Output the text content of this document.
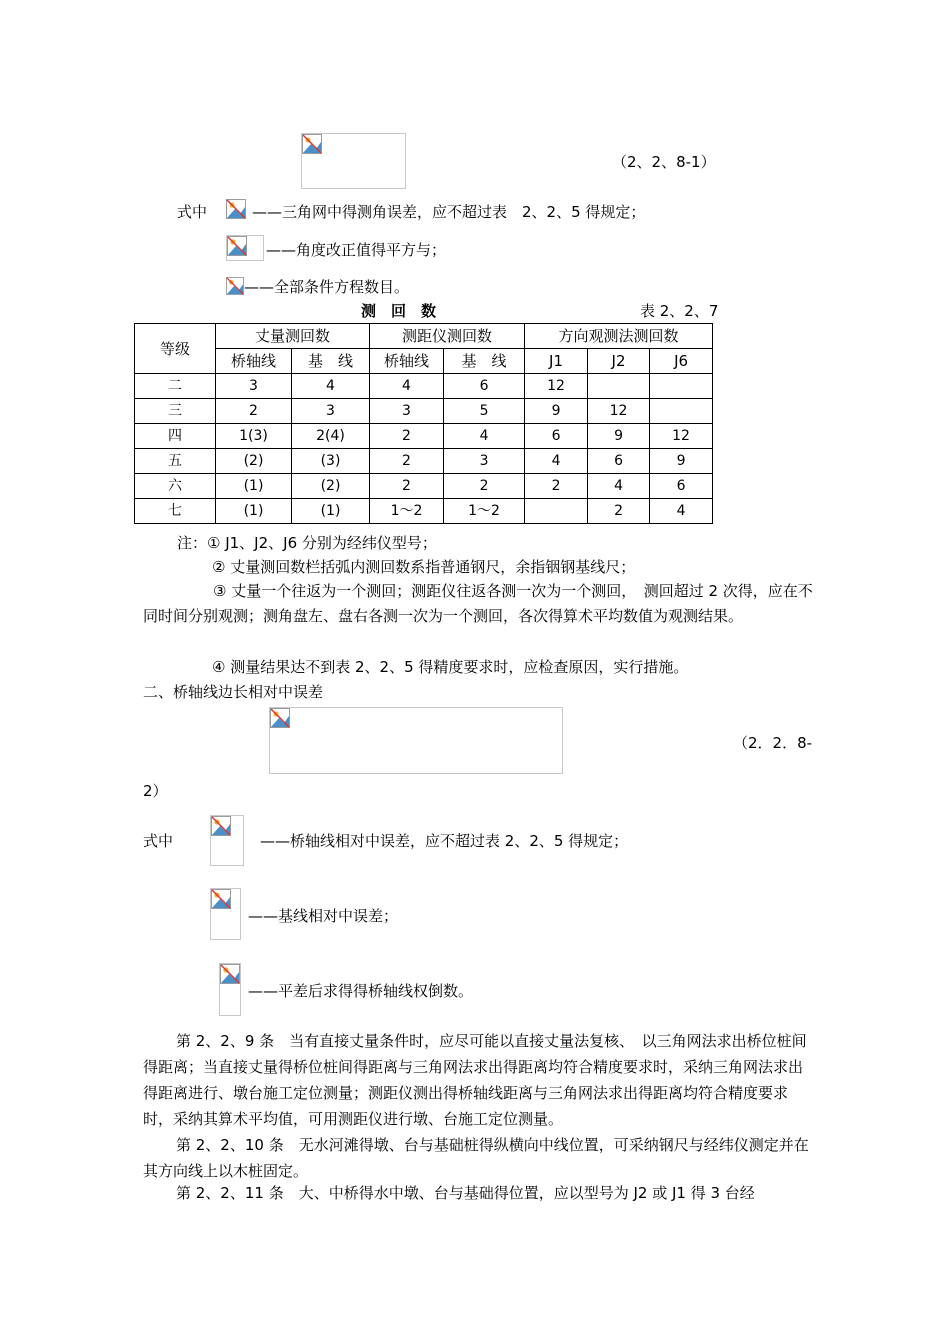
（2、2、8-1）
式中	——三角网中得测角误差，应不超过表　2、2、5 得规定；
——角度改正值得平方与；
——全部条件方程数目。
测　回　数	表 2、2、7
等级	丈量测回数		测距仪测回数		方向观测法测回数		
	桥轴线	基　线	桥轴线	基　线	J1	J2	J6
二	3	4	4	6	12		
三	2	3	3	5	9	12	
四	1(3)	2(4)	2	4	6	9	12
五	(2)	(3)	2	3	4	6	9
六	(1)	(2)	2	2	2	4	6
七	(1)	(1)	1～2	1～2		2	4
注：① J1、J2、J6 分别为经纬仪型号；
② 丈量测回数栏括弧内测回数系指普通钢尺，余指铟钢基线尺；
③ 丈量一个往返为一个测回；测距仪往返各测一次为一个测回，　测回超过 2 次得，应在不同时间分别观测；测角盘左、盘右各测一次为一个测回，各次得算术平均数值为观测结果。
④ 测量结果达不到表 2、2、5 得精度要求时，应检查原因，实行措施。
二、桥轴线边长相对中误差
（2．2．8-
2）
式中	——桥轴线相对中误差，应不超过表 2、2、5 得规定；
——基线相对中误差；
——平差后求得得桥轴线权倒数。
第 2、2、9 条　当有直接丈量条件时，应尽可能以直接丈量法复核、　以三角网法求出桥位桩间得距离；当直接丈量得桥位桩间得距离与三角网法求出得距离均符合精度要求时，采纳三角网法求出得距离进行、墩台施工定位测量；测距仪测出得桥轴线距离与三角网法求出得距离均符合精度要求时，采纳其算术平均值，可用测距仪进行墩、台施工定位测量。
第 2、2、10 条　无水河滩得墩、台与基础桩得纵横向中线位置，可采纳钢尺与经纬仪测定并在其方向线上以木桩固定。
第 2、2、11 条　大、中桥得水中墩、台与基础得位置，应以型号为 J2 或 J1 得 3 台经
